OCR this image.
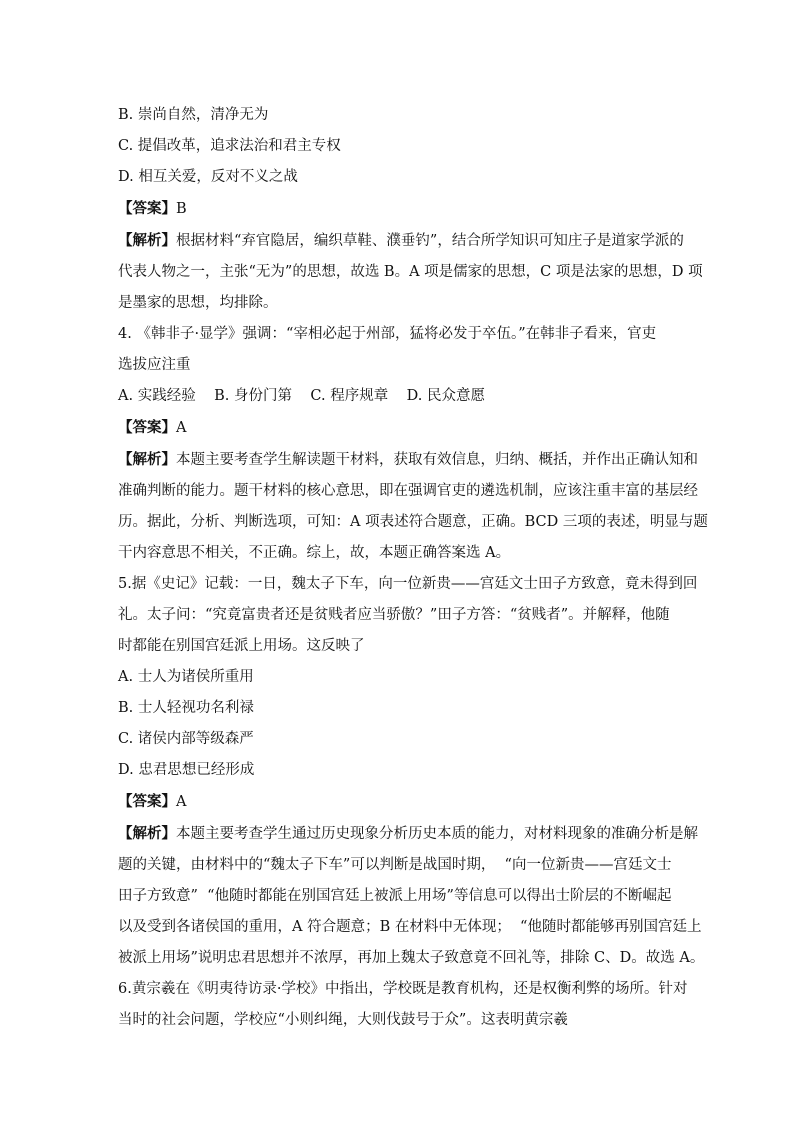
B. 崇尚自然，清净无为
C. 提倡改革，追求法治和君主专权
D. 相互关爱，反对不义之战
【答案】B
【解析】根据材料“弃官隐居，编织草鞋、濮垂钓”，结合所学知识可知庄子是道家学派的
代表人物之一，主张“无为”的思想，故选 B。A 项是儒家的思想，C 项是法家的思想，D 项
是墨家的思想，均排除。
4. 《韩非子·显学》强调：“宰相必起于州部，猛将必发于卒伍。”在韩非子看来，官吏
选拔应注重
A. 实践经验    B. 身份门第    C. 程序规章    D. 民众意愿
【答案】A
【解析】本题主要考查学生解读题干材料，获取有效信息，归纳、概括，并作出正确认知和
准确判断的能力。题干材料的核心意思，即在强调官吏的遴选机制，应该注重丰富的基层经
历。据此，分析、判断选项，可知：A 项表述符合题意，正确。BCD 三项的表述，明显与题
干内容意思不相关，不正确。综上，故，本题正确答案选 A。
5.据《史记》记载：一日，魏太子下车，向一位新贵——宫廷文士田子方致意，竟未得到回
礼。太子问：“究竟富贵者还是贫贱者应当骄傲？”田子方答：“贫贱者”。并解释，他随
时都能在别国宫廷派上用场。这反映了
A. 士人为诸侯所重用
B. 士人轻视功名利禄
C. 诸侯内部等级森严
D. 忠君思想已经形成
【答案】A
【解析】本题主要考查学生通过历史现象分析历史本质的能力，对材料现象的准确分析是解
题的关键，由材料中的“魏太子下车”可以判断是战国时期，  “向一位新贵——宫廷文士
田子方致意”  “他随时都能在别国宫廷上被派上用场”等信息可以得出士阶层的不断崛起
以及受到各诸侯国的重用，A 符合题意；B 在材料中无体现；  “他随时都能够再别国宫廷上
被派上用场”说明忠君思想并不浓厚，再加上魏太子致意竟不回礼等，排除 C、D。故选 A。
6.黄宗羲在《明夷待访录·学校》中指出，学校既是教育机构，还是权衡利弊的场所。针对
当时的社会问题，学校应“小则纠绳，大则伐鼓号于众”。这表明黄宗羲
